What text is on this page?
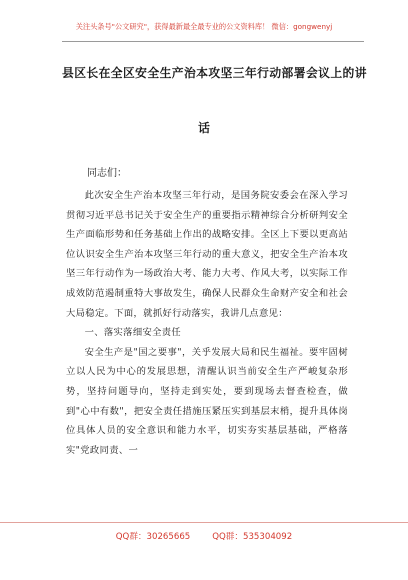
关注头条号"公文研究"，获得最新最全最专业的公文资料库！ 微信：gongwenyj
县区长在全区安全生产治本攻坚三年行动部署会议上的讲
话
同志们：

此次安全生产治本攻坚三年行动，是国务院安委会在深入学习贯彻习近平总书记关于安全生产的重要指示精神综合分析研判安全生产面临形势和任务基础上作出的战略安排。全区上下要以更高站位认识安全生产治本攻坚三年行动的重大意义，把安全生产治本攻坚三年行动作为一场政治大考、能力大考、作风大考，以实际工作成效防范遏制重特大事故发生，确保人民群众生命财产安全和社会大局稳定。下面，就抓好行动落实，我讲几点意见：

一、落实落细安全责任

安全生产是"国之要事"，关乎发展大局和民生福祉。要牢固树立以人民为中心的发展思想，清醒认识当前安全生产严峻复杂形势，坚持问题导向，坚持走到实处，要到现场去督查检查，做到"心中有数"，把安全责任措施压紧压实到基层末梢，提升具体岗位具体人员的安全意识和能力水平，切实夯实基层基础，严格落实"党政同责、一

QQ群：30265665	QQ群：535304092
